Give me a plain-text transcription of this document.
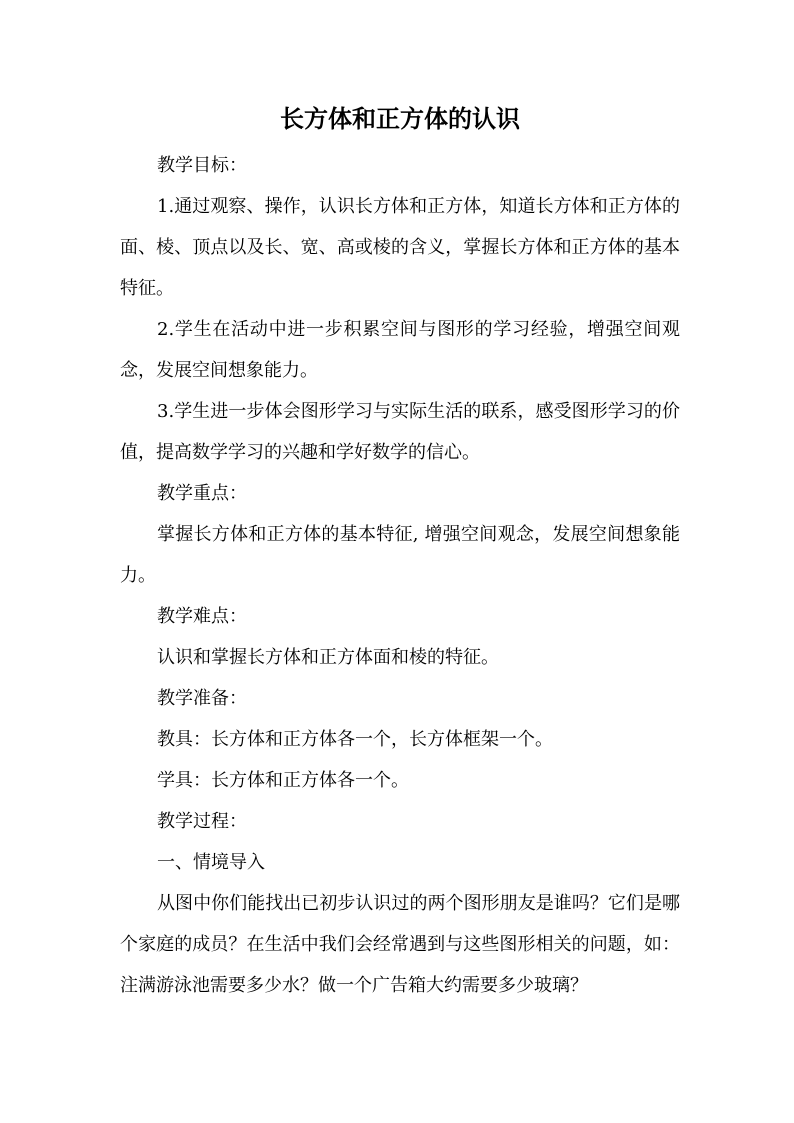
长方体和正方体的认识

教学目标：

1.通过观察、操作，认识长方体和正方体，知道长方体和正方体的面、棱、顶点以及长、宽、高或棱的含义，掌握长方体和正方体的基本特征。

2.学生在活动中进一步积累空间与图形的学习经验，增强空间观念，发展空间想象能力。

3.学生进一步体会图形学习与实际生活的联系，感受图形学习的价值，提高数学学习的兴趣和学好数学的信心。

教学重点：

掌握长方体和正方体的基本特征, 增强空间观念，发展空间想象能力。

教学难点：

认识和掌握长方体和正方体面和棱的特征。

教学准备：

教具：长方体和正方体各一个，长方体框架一个。

学具：长方体和正方体各一个。

教学过程：

一、情境导入

从图中你们能找出已初步认识过的两个图形朋友是谁吗？它们是哪个家庭的成员？在生活中我们会经常遇到与这些图形相关的问题，如：注满游泳池需要多少水？做一个广告箱大约需要多少玻璃？
